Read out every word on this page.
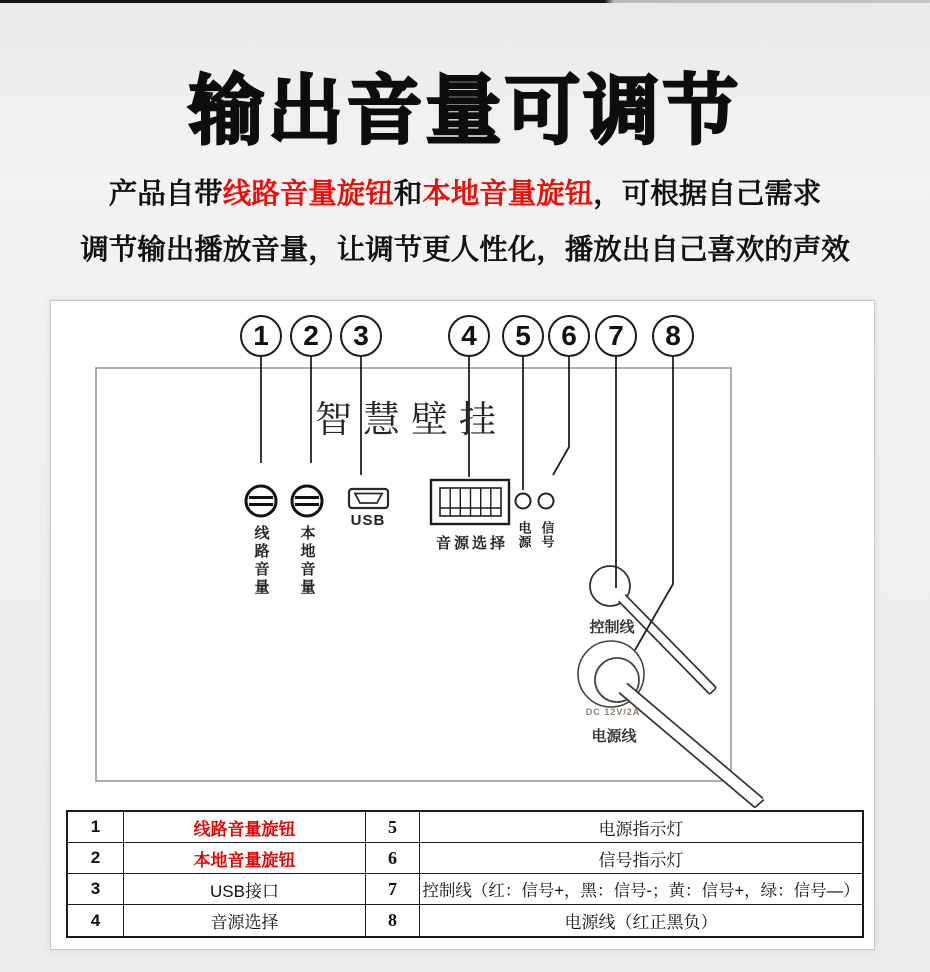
输出音量可调节
产品自带线路音量旋钮和本地音量旋钮，可根据自己需求
调节输出播放音量，让调节更人性化，播放出自己喜欢的声效
1	2	3	4	5	6	7	8
智慧壁挂
线路音量 本地音量
USB
音源选择 电源 信号
控制线
DC 12V/2A
电源线
1	线路音量旋钮	5	电源指示灯
2	本地音量旋钮	6	信号指示灯
3	USB接口	7	控制线（红：信号+，黑：信号-；黄：信号+，绿：信号—）
4	音源选择	8	电源线（红正黑负）
